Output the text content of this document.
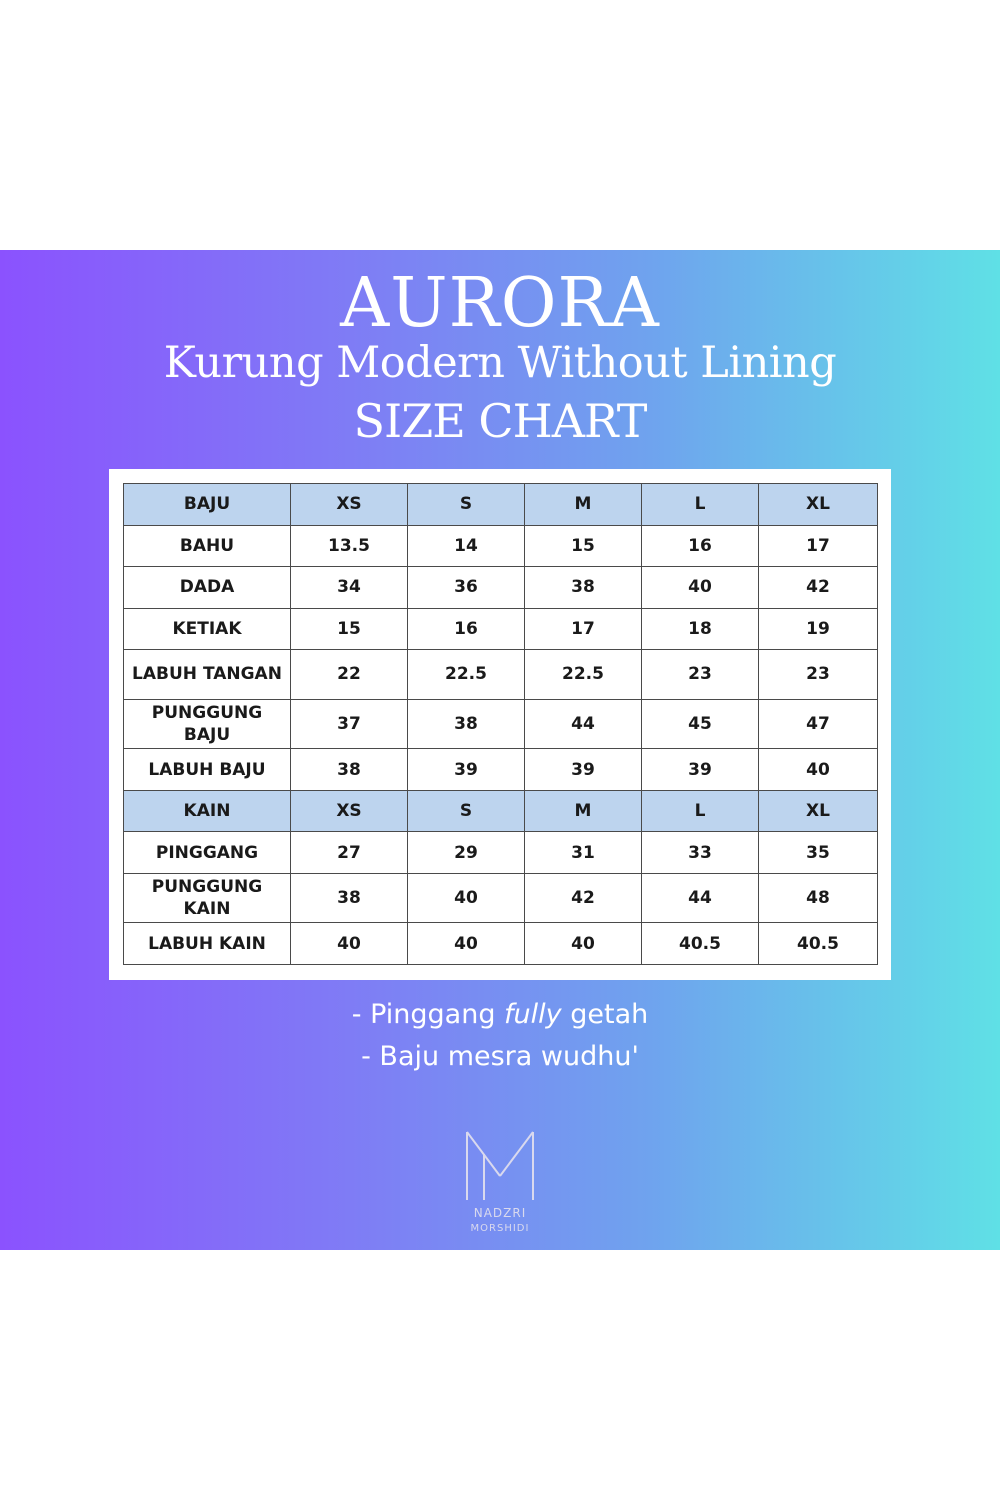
AURORA
Kurung Modern Without Lining
SIZE CHART
BAJU	XS	S	M	L	XL
BAHU	13.5	14	15	16	17
DADA	34	36	38	40	42
KETIAK	15	16	17	18	19
LABUH TANGAN	22	22.5	22.5	23	23
PUNGGUNG BAJU	37	38	44	45	47
LABUH BAJU	38	39	39	39	40
KAIN	XS	S	M	L	XL
PINGGANG	27	29	31	33	35
PUNGGUNG KAIN	38	40	42	44	48
LABUH KAIN	40	40	40	40.5	40.5
- Pinggang fully getah
- Baju mesra wudhu'
NADZRI
MORSHIDI
